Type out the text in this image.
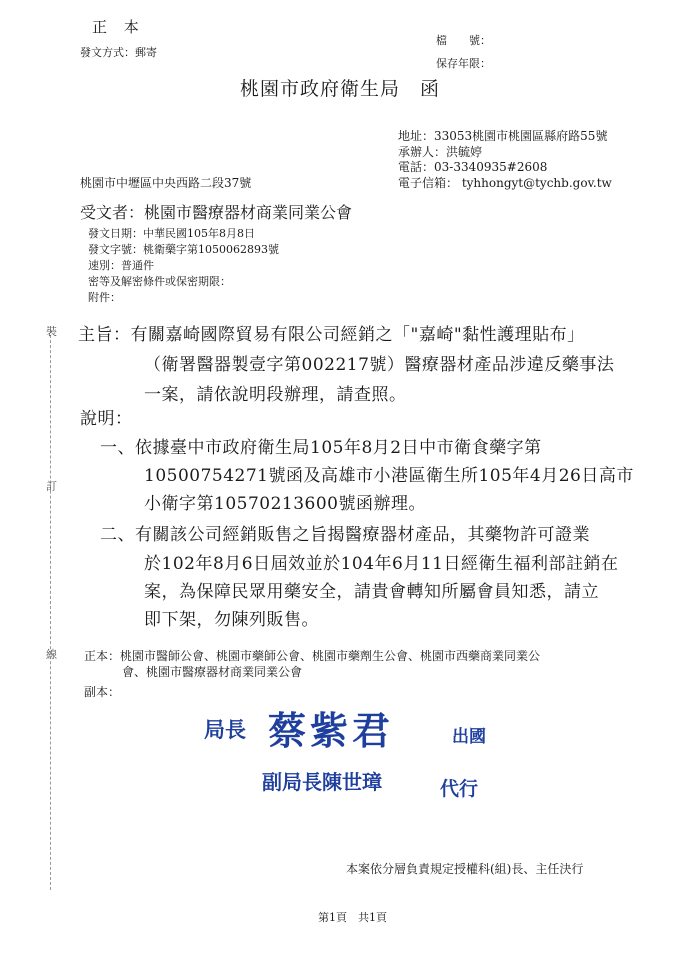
正 本
發文方式：郵寄
檔　　號：
保存年限：
桃園市政府衛生局　函
地址：33053桃園市桃園區縣府路55號
承辦人：洪毓婷
電話：03-3340935#2608
電子信箱： tyhhongyt@tychb.gov.tw
桃園市中壢區中央西路二段37號
受文者：桃園市醫療器材商業同業公會
發文日期：中華民國105年8月8日
發文字號：桃衛藥字第1050062893號
速別：普通件
密等及解密條件或保密期限：
附件：
裝
訂
線
主旨：有關嘉崎國際貿易有限公司經銷之「"嘉崎"黏性護理貼布」
（衛署醫器製壹字第002217號）醫療器材產品涉違反藥事法
一案，請依說明段辦理，請查照。
說明：
一、依據臺中市政府衛生局105年8月2日中市衛食藥字第
10500754271號函及高雄市小港區衛生所105年4月26日高市
小衛字第10570213600號函辦理。
二、有關該公司經銷販售之旨揭醫療器材產品，其藥物許可證業
於102年8月6日屆效並於104年6月11日經衛生福利部註銷在
案，為保障民眾用藥安全，請貴會轉知所屬會員知悉，請立
即下架，勿陳列販售。
正本：桃園市醫師公會、桃園市藥師公會、桃園市藥劑生公會、桃園市西藥商業同業公
會、桃園市醫療器材商業同業公會
副本：
局長 蔡紫君	出國
副局長陳世璋	代行
本案依分層負責規定授權科(組)長、主任決行
第1頁　共1頁
